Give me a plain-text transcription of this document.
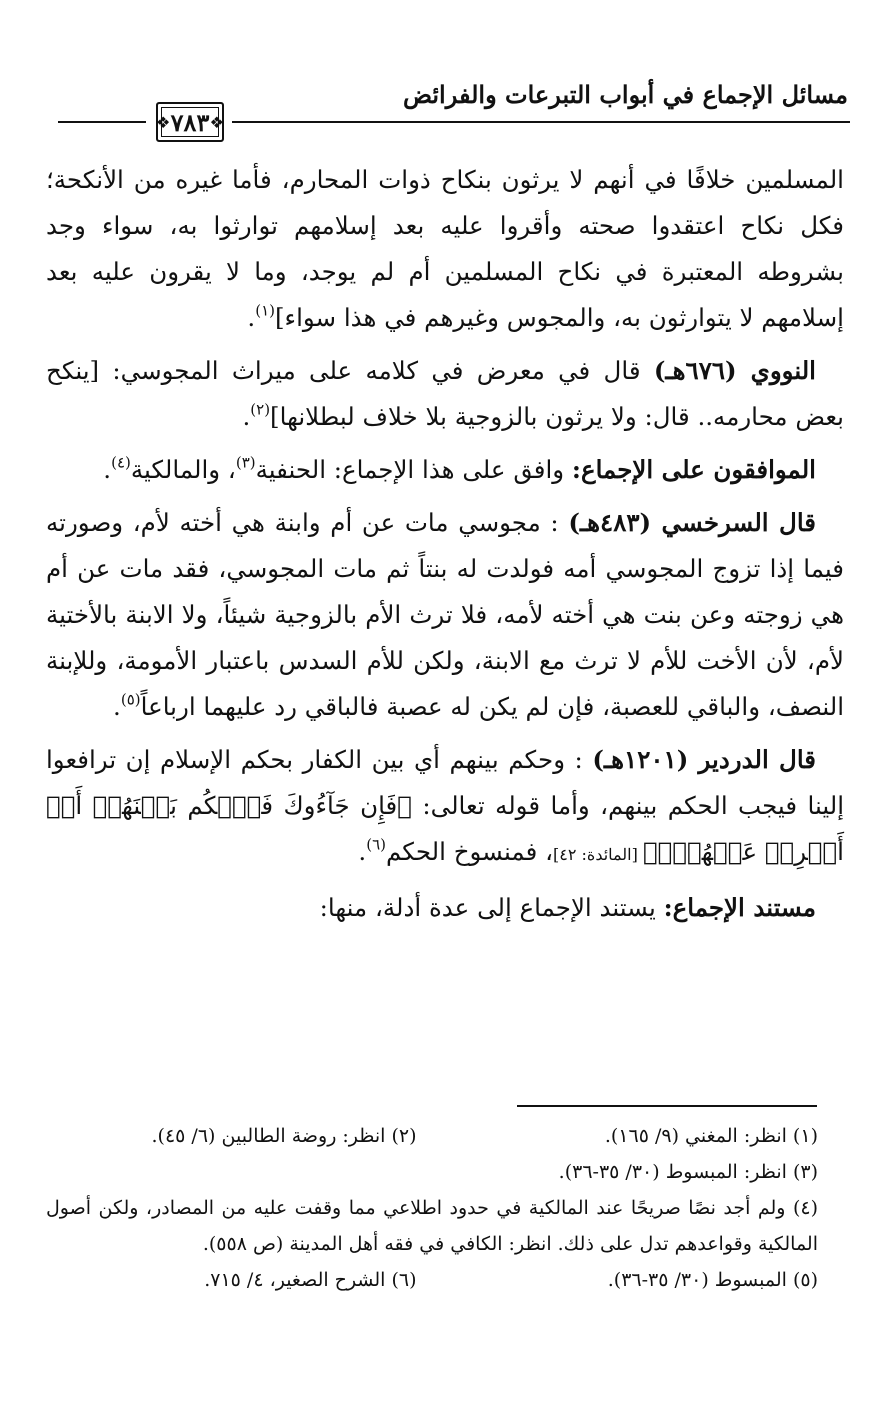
مسائل الإجماع في أبواب التبرعات والفرائض
❖
٧٨٣
❖

المسلمين خلافًا في أنهم لا يرثون بنكاح ذوات المحارم، فأما غيره من الأنكحة؛ فكل نكاح اعتقدوا صحته وأقروا عليه بعد إسلامهم توارثوا به، سواء وجد بشروطه المعتبرة في نكاح المسلمين أم لم يوجد، وما لا يقرون عليه بعد إسلامهم لا يتوارثون به، والمجوس وغيرهم في هذا سواء]$^{(١)}$.

النووي (٦٧٦هـ) قال في معرض في كلامه على ميراث المجوسي: [ينكح بعض محارمه.. قال: ولا يرثون بالزوجية بلا خلاف لبطلانها]$^{(٢)}$.

الموافقون على الإجماع: وافق على هذا الإجماع: الحنفية$^{(٣)}$، والمالكية$^{(٤)}$.

قال السرخسي (٤٨٣هـ) : مجوسي مات عن أم وابنة هي أخته لأم، وصورته فيما إذا تزوج المجوسي أمه فولدت له بنتاً ثم مات المجوسي، فقد مات عن أم هي زوجته وعن بنت هي أخته لأمه، فلا ترث الأم بالزوجية شيئاً، ولا الابنة بالأختية لأم، لأن الأخت للأم لا ترث مع الابنة، ولكن للأم السدس باعتبار الأمومة، وللإبنة النصف، والباقي للعصبة، فإن لم يكن له عصبة فالباقي رد عليهما ارباعاً$^{(٥)}$.

قال الدردير (١٢٠١هـ) : وحكم بينهم أي بين الكفار بحكم الإسلام إن ترافعوا إلينا فيجب الحكم بينهم، وأما قوله تعالى: ﴿فَإِن جَآءُوكَ فَٱحۡكُم بَيۡنَهُمۡ أَوۡ أَعۡرِضۡ عَنۡهُمۡۖ﴾ [المائدة: ٤٢]، فمنسوخ الحكم$^{(٦)}$.

مستند الإجماع: يستند الإجماع إلى عدة أدلة، منها:

(١) انظر: المغني (٩/ ١٦٥).
(٢) انظر: روضة الطالبين (٦/ ٤٥).
(٣) انظر: المبسوط (٣٠/ ٣٥-٣٦).
(٤) ولم أجد نصًا صريحًا عند المالكية في حدود اطلاعي مما وقفت عليه من المصادر، ولكن أصول المالكية وقواعدهم تدل على ذلك. انظر: الكافي في فقه أهل المدينة (ص ٥٥٨).
(٥) المبسوط (٣٠/ ٣٥-٣٦).
(٦) الشرح الصغير، ٤/ ٧١٥.
